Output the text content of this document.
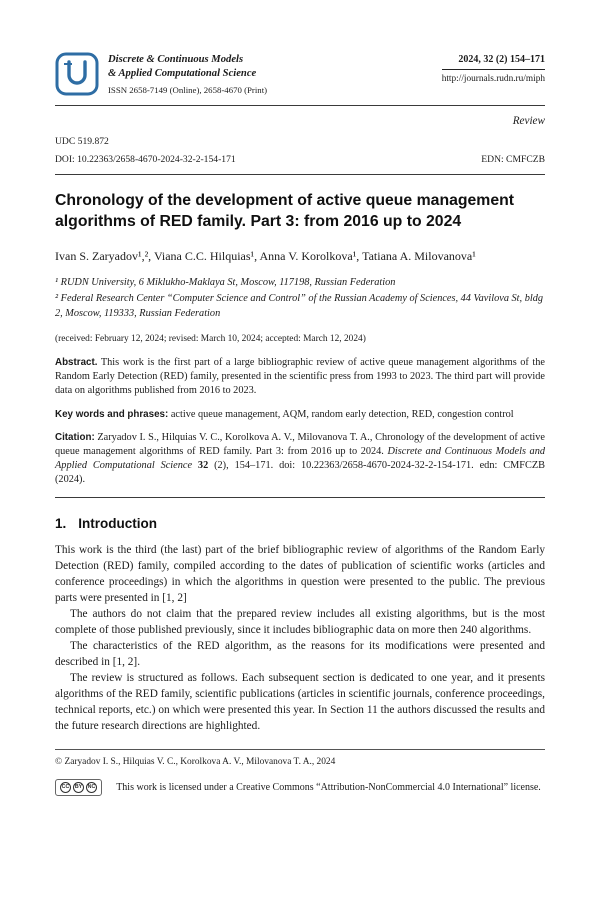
Discrete & Continuous Models
& Applied Computational Science
ISSN 2658-7149 (Online), 2658-4670 (Print)
2024, 32 (2) 154–171
http://journals.rudn.ru/miph
Review
UDC 519.872
DOI: 10.22363/2658-4670-2024-32-2-154-171	EDN: CMFCZB
Chronology of the development of active queue management algorithms of RED family. Part 3: from 2016 up to 2024
Ivan S. Zaryadov¹,², Viana C.C. Hilquias¹, Anna V. Korolkova¹, Tatiana A. Milovanova¹
¹ RUDN University, 6 Miklukho-Maklaya St, Moscow, 117198, Russian Federation
² Federal Research Center “Computer Science and Control” of the Russian Academy of Sciences, 44 Vavilova St, bldg 2, Moscow, 119333, Russian Federation
(received: February 12, 2024; revised: March 10, 2024; accepted: March 12, 2024)

Abstract. This work is the first part of a large bibliographic review of active queue management algorithms of the Random Early Detection (RED) family, presented in the scientific press from 1993 to 2023. The third part will provide data on algorithms published from 2016 to 2023.

Key words and phrases: active queue management, AQM, random early detection, RED, congestion control

Citation: Zaryadov I. S., Hilquias V. C., Korolkova A. V., Milovanova T. A., Chronology of the development of active queue management algorithms of RED family. Part 3: from 2016 up to 2024. Discrete and Continuous Models and Applied Computational Science 32 (2), 154–171. doi: 10.22363/2658-4670-2024-32-2-154-171. edn: CMFCZB (2024).

1. Introduction

This work is the third (the last) part of the brief bibliographic review of algorithms of the Random Early Detection (RED) family, compiled according to the dates of publication of scientific works (articles and conference proceedings) in which the algorithms in question were presented to the public. The previous parts were presented in [1, 2]

The authors do not claim that the prepared review includes all existing algorithms, but is the most complete of those published previously, since it includes bibliographic data on more then 240 algorithms.

The characteristics of the RED algorithm, as the reasons for its modifications were presented and described in [1, 2].

The review is structured as follows. Each subsequent section is dedicated to one year, and it presents algorithms of the RED family, scientific publications (articles in scientific journals, conference proceedings, technical reports, etc.) on which were presented this year. In Section 11 the authors discussed the results and the future research directions are highlighted.

© Zaryadov I. S., Hilquias V. C., Korolkova A. V., Milovanova T. A., 2024
CC	BY	NC	This work is licensed under a Creative Commons “Attribution-NonCommercial 4.0 International” license.
